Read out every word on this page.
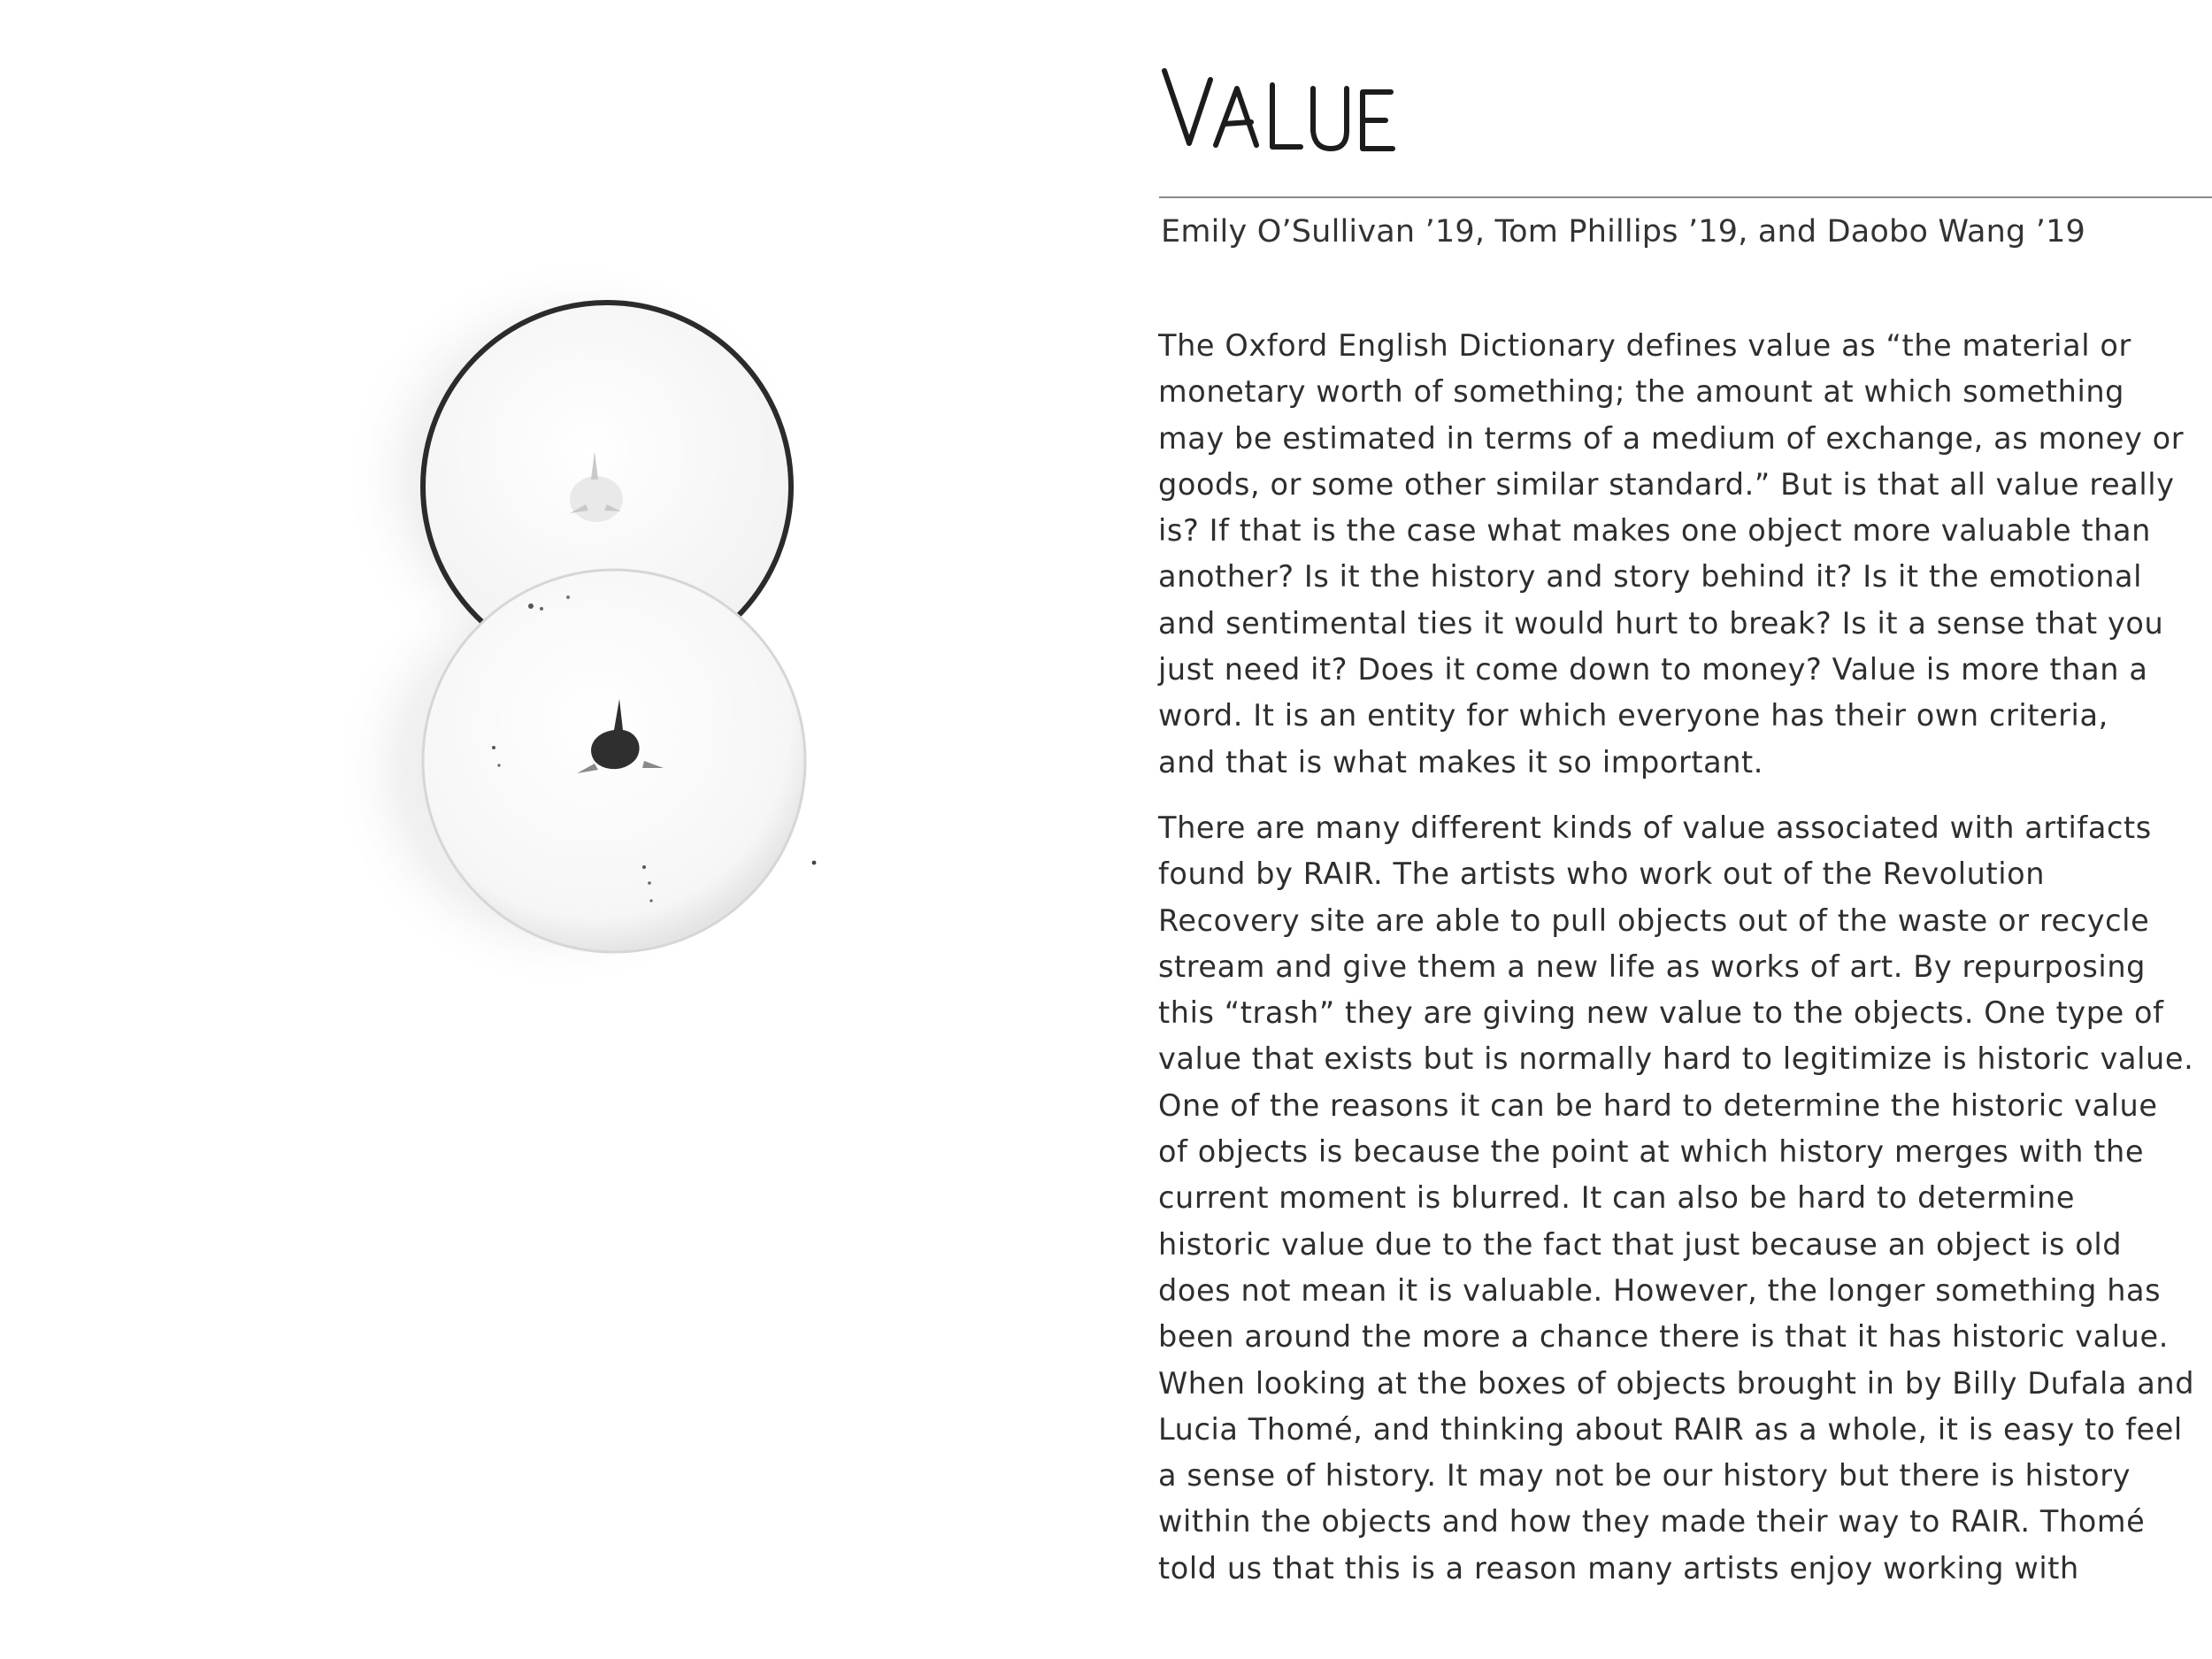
Emily O’Sullivan ’19, Tom Phillips ’19, and Daobo Wang ’19
The Oxford English Dictionary defines value as “the material or
monetary worth of something; the amount at which something
may be estimated in terms of a medium of exchange, as money or
goods, or some other similar standard.” But is that all value really
is? If that is the case what makes one object more valuable than
another? Is it the history and story behind it? Is it the emotional
and sentimental ties it would hurt to break? Is it a sense that you
just need it? Does it come down to money? Value is more than a
word. It is an entity for which everyone has their own criteria,
and that is what makes it so important.
There are many different kinds of value associated with artifacts
found by RAIR. The artists who work out of the Revolution
Recovery site are able to pull objects out of the waste or recycle
stream and give them a new life as works of art. By repurposing
this “trash” they are giving new value to the objects. One type of
value that exists but is normally hard to legitimize is historic value.
One of the reasons it can be hard to determine the historic value
of objects is because the point at which history merges with the
current moment is blurred. It can also be hard to determine
historic value due to the fact that just because an object is old
does not mean it is valuable. However, the longer something has
been around the more a chance there is that it has historic value.
When looking at the boxes of objects brought in by Billy Dufala and
Lucia Thomé, and thinking about RAIR as a whole, it is easy to feel
a sense of history. It may not be our history but there is history
within the objects and how they made their way to RAIR. Thomé
told us that this is a reason many artists enjoy working with
